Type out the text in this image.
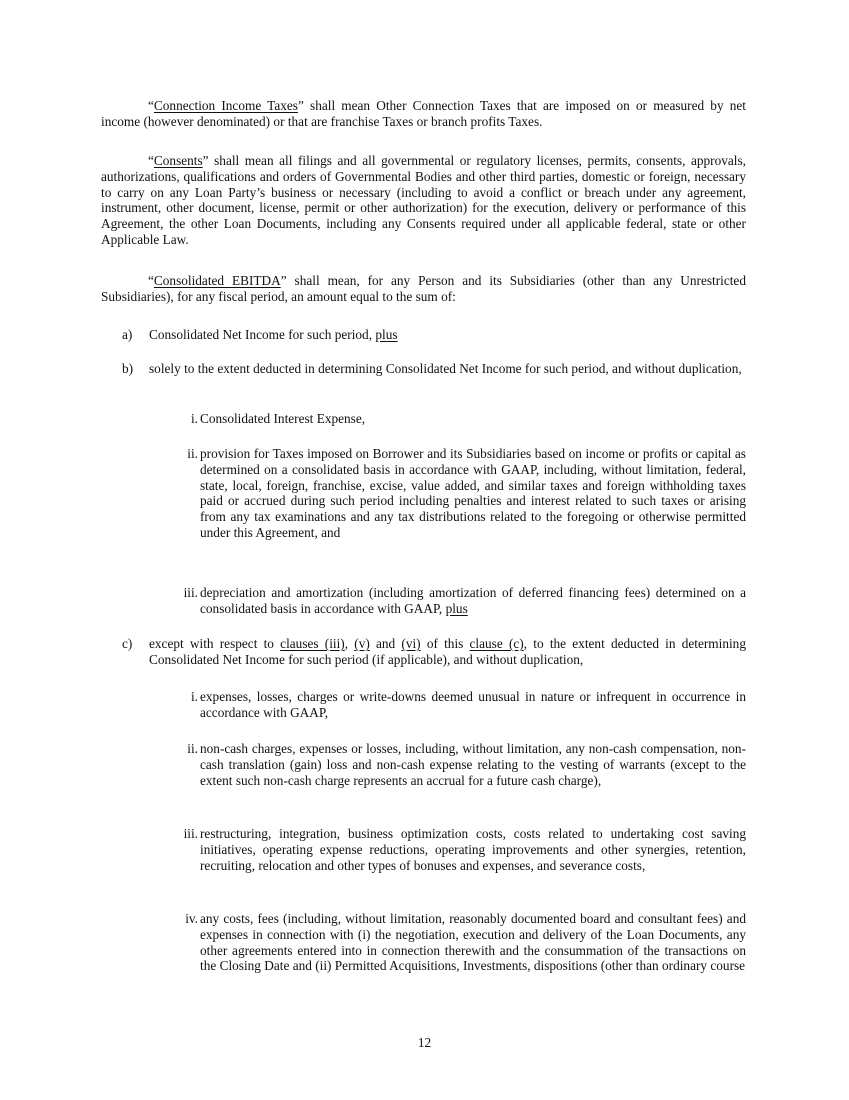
“Connection Income Taxes” shall mean Other Connection Taxes that are imposed on or measured by net income (however denominated) or that are franchise Taxes or branch profits Taxes.

“Consents” shall mean all filings and all governmental or regulatory licenses, permits, consents, approvals, authorizations, qualifications and orders of Governmental Bodies and other third parties, domestic or foreign, necessary to carry on any Loan Party’s business or necessary (including to avoid a conflict or breach under any agreement, instrument, other document, license, permit or other authorization) for the execution, delivery or performance of this Agreement, the other Loan Documents, including any Consents required under all applicable federal, state or other Applicable Law.

“Consolidated EBITDA” shall mean, for any Person and its Subsidiaries (other than any Unrestricted Subsidiaries), for any fiscal period, an amount equal to the sum of:

a)	Consolidated Net Income for such period, plus

b)	solely to the extent deducted in determining Consolidated Net Income for such period, and without duplication,

i. Consolidated Interest Expense,

ii. provision for Taxes imposed on Borrower and its Subsidiaries based on income or profits or capital as determined on a consolidated basis in accordance with GAAP, including, without limitation, federal, state, local, foreign, franchise, excise, value added, and similar taxes and foreign withholding taxes paid or accrued during such period including penalties and interest related to such taxes or arising from any tax examinations and any tax distributions related to the foregoing or otherwise permitted under this Agreement, and

iii. depreciation and amortization (including amortization of deferred financing fees) determined on a consolidated basis in accordance with GAAP, plus

c)	except with respect to clauses (iii), (v) and (vi) of this clause (c), to the extent deducted in determining Consolidated Net Income for such period (if applicable), and without duplication,

i. expenses, losses, charges or write-downs deemed unusual in nature or infrequent in occurrence in accordance with GAAP,

ii. non-cash charges, expenses or losses, including, without limitation, any non-cash compensation, non-cash translation (gain) loss and non-cash expense relating to the vesting of warrants (except to the extent such non-cash charge represents an accrual for a future cash charge),

iii. restructuring, integration, business optimization costs, costs related to undertaking cost saving initiatives, operating expense reductions, operating improvements and other synergies, retention, recruiting, relocation and other types of bonuses and expenses, and severance costs,

iv. any costs, fees (including, without limitation, reasonably documented board and consultant fees) and expenses in connection with (i) the negotiation, execution and delivery of the Loan Documents, any other agreements entered into in connection therewith and the consummation of the transactions on the Closing Date and (ii) Permitted Acquisitions, Investments, dispositions (other than ordinary course

12
